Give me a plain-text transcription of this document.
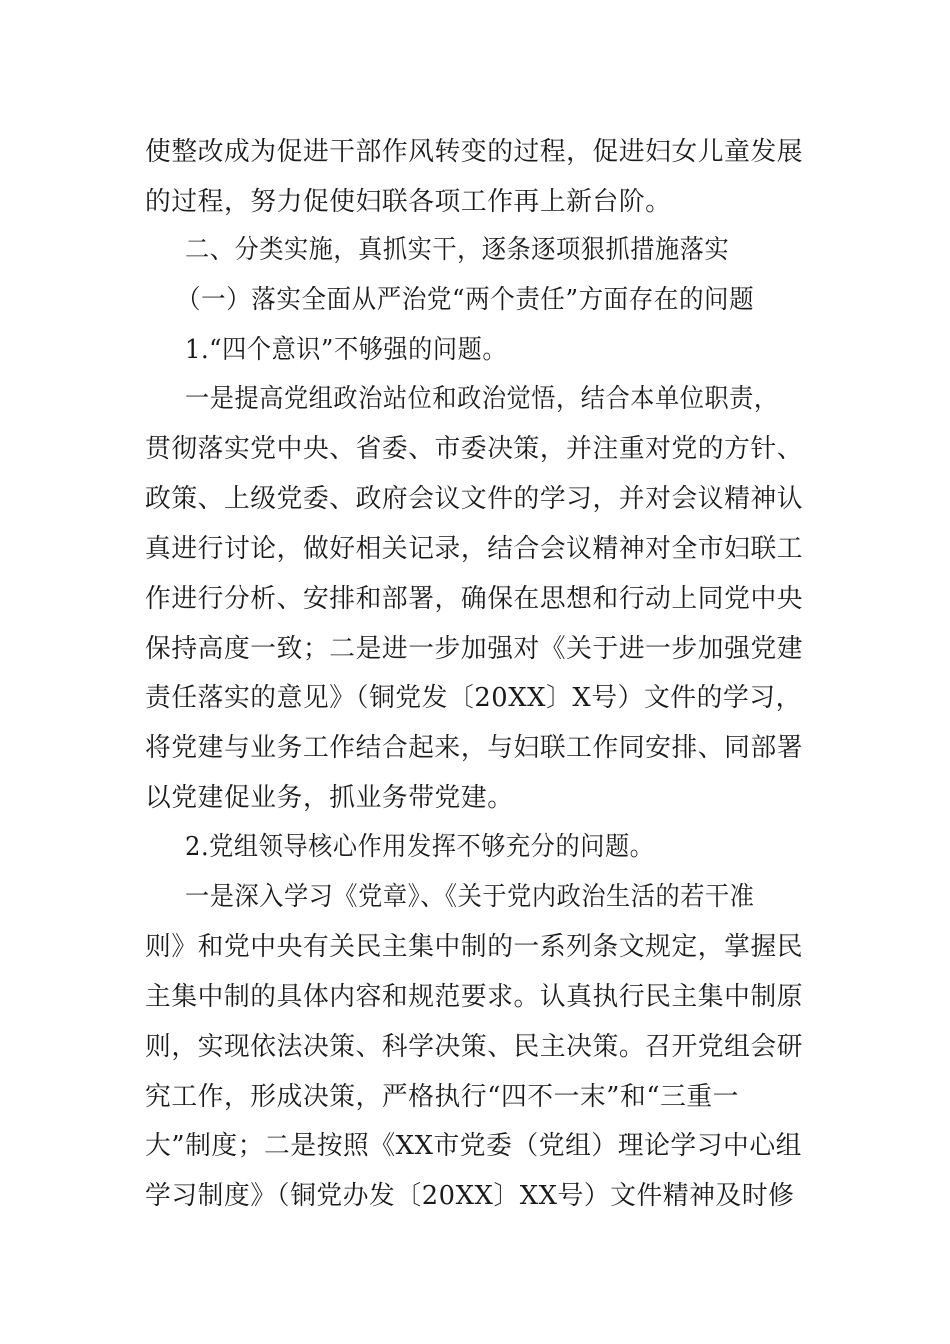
使整改成为促进干部作风转变的过程，促进妇女儿童发展
的过程，努力促使妇联各项工作再上新台阶。
二、分类实施，真抓实干，逐条逐项狠抓措施落实
（一）落实全面从严治党“两个责任”方面存在的问题
1.“四个意识”不够强的问题。
一是提高党组政治站位和政治觉悟，结合本单位职责，
贯彻落实党中央、省委、市委决策，并注重对党的方针、
政策、上级党委、政府会议文件的学习，并对会议精神认
真进行讨论，做好相关记录，结合会议精神对全市妇联工
作进行分析、安排和部署，确保在思想和行动上同党中央
保持高度一致；二是进一步加强对《关于进一步加强党建
责任落实的意见》（铜党发〔20XX〕X号）文件的学习，
将党建与业务工作结合起来，与妇联工作同安排、同部署
以党建促业务，抓业务带党建。
2.党组领导核心作用发挥不够充分的问题。
一是深入学习《党章》、《关于党内政治生活的若干准
则》和党中央有关民主集中制的一系列条文规定，掌握民
主集中制的具体内容和规范要求。认真执行民主集中制原
则，实现依法决策、科学决策、民主决策。召开党组会研
究工作，形成决策，严格执行“四不一末”和“三重一
大”制度；二是按照《XX市党委（党组）理论学习中心组
学习制度》（铜党办发〔20XX〕XX号）文件精神及时修
